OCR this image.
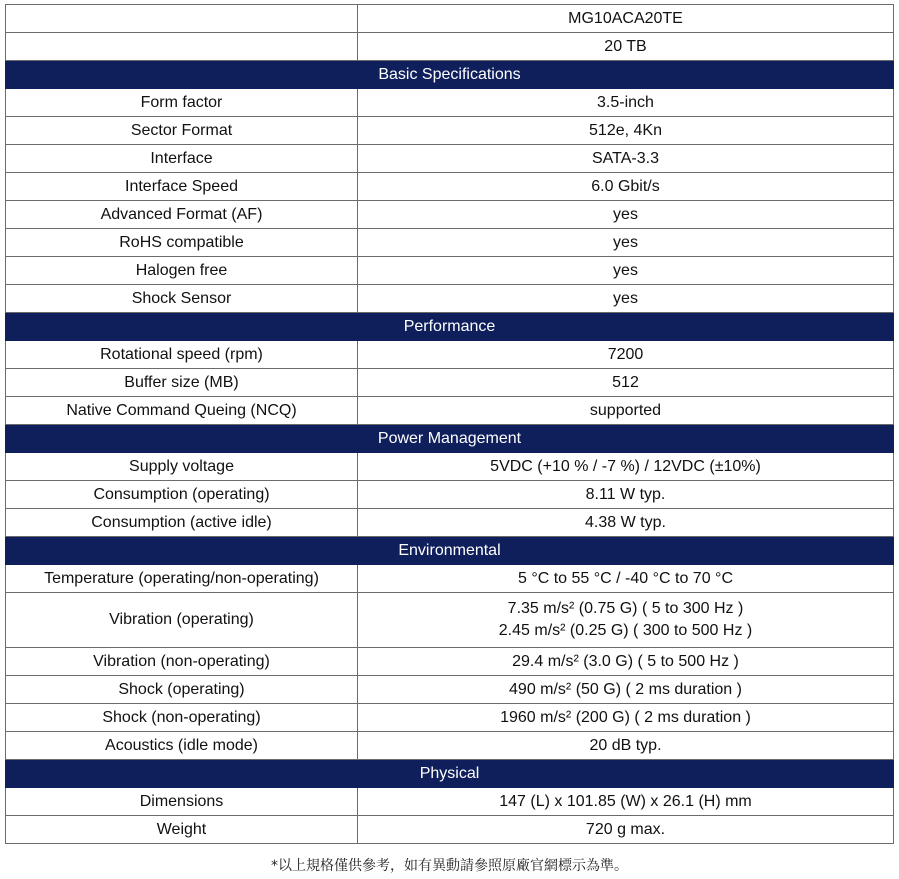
	MG10ACA20TE
	20 TB
Basic Specifications	
Form factor	3.5-inch
Sector Format	512e, 4Kn
Interface	SATA-3.3
Interface Speed	6.0 Gbit/s
Advanced Format (AF)	yes
RoHS compatible	yes
Halogen free	yes
Shock Sensor	yes
Performance	
Rotational speed (rpm)	7200
Buffer size (MB)	512
Native Command Queing (NCQ)	supported
Power Management	
Supply voltage	5VDC (+10 % / -7 %) / 12VDC (±10%)
Consumption (operating)	8.11 W typ.
Consumption (active idle)	4.38 W typ.
Environmental	
Temperature (operating/non-operating)	5 °C to 55 °C / -40 °C to 70 °C
Vibration (operating)	7.35 m/s² (0.75 G) ( 5 to 300 Hz )
2.45 m/s² (0.25 G) ( 300 to 500 Hz )

Vibration (non-operating)	29.4 m/s² (3.0 G) ( 5 to 500 Hz )
Shock (operating)	490 m/s² (50 G) ( 2 ms duration )
Shock (non-operating)	1960 m/s² (200 G) ( 2 ms duration )
Acoustics (idle mode)	20 dB typ.
Physical	
Dimensions	147 (L) x 101.85 (W) x 26.1 (H) mm
Weight	720 g max.
*以上規格僅供參考，如有異動請參照原廠官網標示為準。
